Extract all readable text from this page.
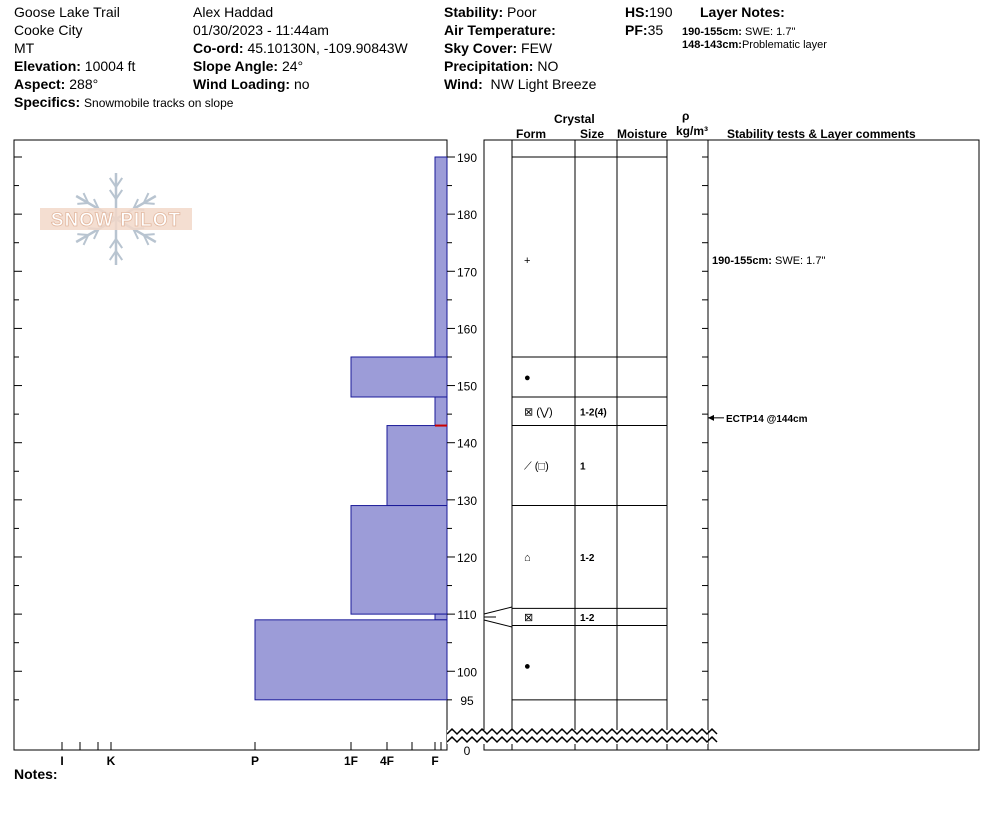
Goose Lake Trail
Cooke City
MT
Elevation: 10004 ft
Aspect: 288°
Specifics: Snowmobile tracks on slope
Alex Haddad
01/30/2023 - 11:44am
Co-ord: 45.10130N, -109.90843W
Slope Angle: 24°
Wind Loading: no
Stability: Poor
Air Temperature:
Sky Cover: FEW
Precipitation: NO
Wind: NW Light Breeze
HS:190
PF:35
Layer Notes:
190-155cm: SWE: 1.7"
148-143cm:Problematic layer
Crystal
Form	Size Moisture
ρ
kg/m³ Stability tests & Layer comments
Notes:
SNOW PILOT
190
180
170
160
150
140
130
120
110
100
95
0
I	K	P	1F 4F	F
+
●
⊠ (⋁)	1-2(4)
⟋ (□)	1
⌂	1-2
⊠	1-2
●
190-155cm: SWE: 1.7"
ECTP14 @144cm
